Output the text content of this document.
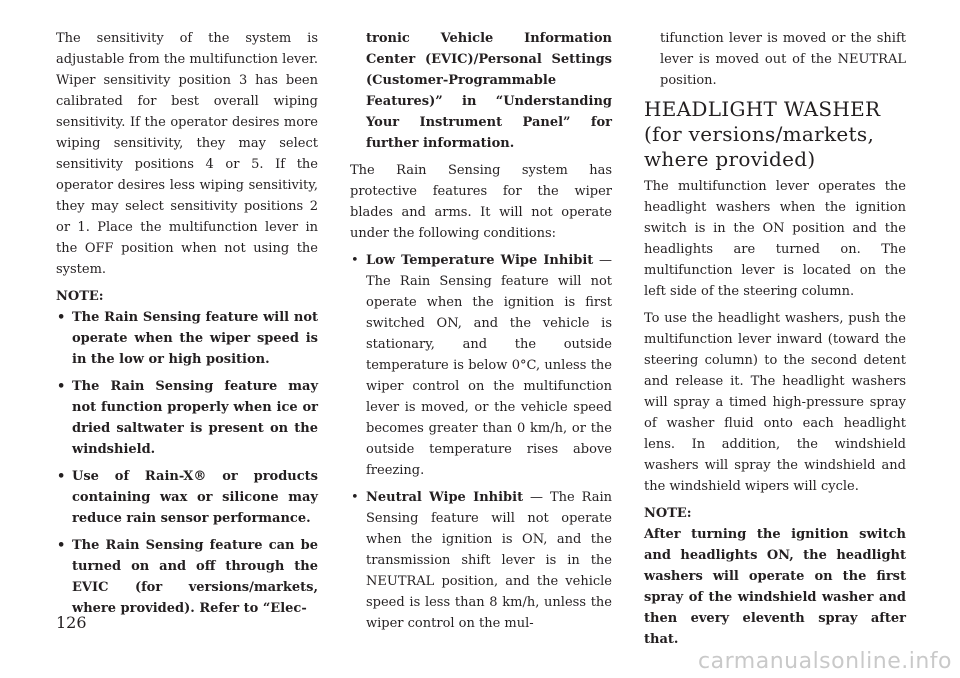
The sensitivity of the system is adjustable from the multifunction lever. Wiper sensitivity position 3 has been calibrated for best overall wiping sensitivity. If the operator desires more wiping sensitivity, they may select sensitivity positions 4 or 5. If the operator desires less wiping sensitivity, they may select sensitivity positions 2 or 1. Place the multifunction lever in the OFF position when not using the system.

NOTE:

• The Rain Sensing feature will not operate when the wiper speed is in the low or high position.
• The Rain Sensing feature may not function properly when ice or dried saltwater is present on the windshield.
• Use of Rain-X® or products containing wax or silicone may reduce rain sensor performance.
• The Rain Sensing feature can be turned on and off through the EVIC (for versions/markets, where provided). Refer to “Elec-
tronic Vehicle Information Center (EVIC)/Personal Settings (Customer-Programmable Features)” in “Understanding Your Instrument Panel” for further information.

The Rain Sensing system has protective features for the wiper blades and arms. It will not operate under the following conditions:

• Low Temperature Wipe Inhibit — The Rain Sensing feature will not operate when the ignition is first switched ON, and the vehicle is stationary, and the outside temperature is below 0°C, unless the wiper control on the multifunction lever is moved, or the vehicle speed becomes greater than 0 km/h, or the outside temperature rises above freezing.
• Neutral Wipe Inhibit — The Rain Sensing feature will not operate when the ignition is ON, and the transmission shift lever is in the NEUTRAL position, and the vehicle speed is less than 8 km/h, unless the wiper control on the mul-
tifunction lever is moved or the shift lever is moved out of the NEUTRAL position.
HEADLIGHT WASHER (for versions/markets, where provided)

The multifunction lever operates the headlight washers when the ignition switch is in the ON position and the headlights are turned on. The multifunction lever is located on the left side of the steering column.

To use the headlight washers, push the multifunction lever inward (toward the steering column) to the second detent and release it. The headlight washers will spray a timed high-pressure spray of washer fluid onto each headlight lens. In addition, the windshield washers will spray the windshield and the windshield wipers will cycle.

NOTE:

After turning the ignition switch and headlights ON, the headlight washers will operate on the first spray of the windshield washer and then every eleventh spray after that.

126
carmanualsonline.info
